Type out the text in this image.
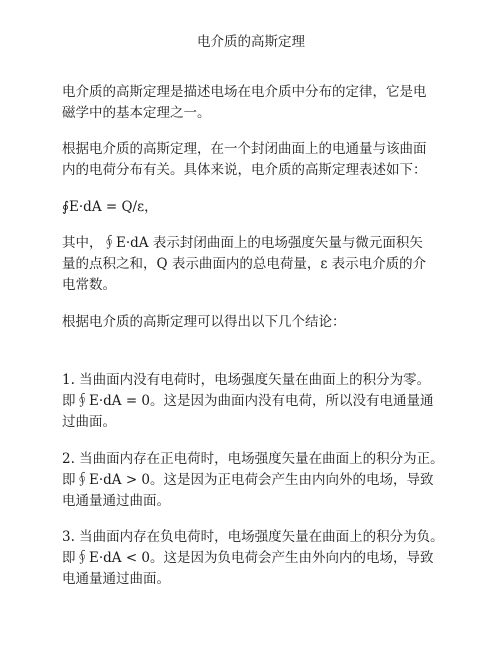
电介质的高斯定理

电介质的高斯定理是描述电场在电介质中分布的定律，它是电
磁学中的基本定理之一。

根据电介质的高斯定理，在一个封闭曲面上的电通量与该曲面
内的电荷分布有关。具体来说，电介质的高斯定理表述如下：

∮E·dA = Q/ε，

其中，∮E·dA 表示封闭曲面上的电场强度矢量与微元面积矢
量的点积之和，Q 表示曲面内的总电荷量，ε 表示电介质的介
电常数。

根据电介质的高斯定理可以得出以下几个结论：

1. 当曲面内没有电荷时，电场强度矢量在曲面上的积分为零。
即∮E·dA = 0。这是因为曲面内没有电荷，所以没有电通量通
过曲面。

2. 当曲面内存在正电荷时，电场强度矢量在曲面上的积分为正。
即∮E·dA > 0。这是因为正电荷会产生由内向外的电场，导致
电通量通过曲面。

3. 当曲面内存在负电荷时，电场强度矢量在曲面上的积分为负。
即∮E·dA < 0。这是因为负电荷会产生由外向内的电场，导致
电通量通过曲面。
